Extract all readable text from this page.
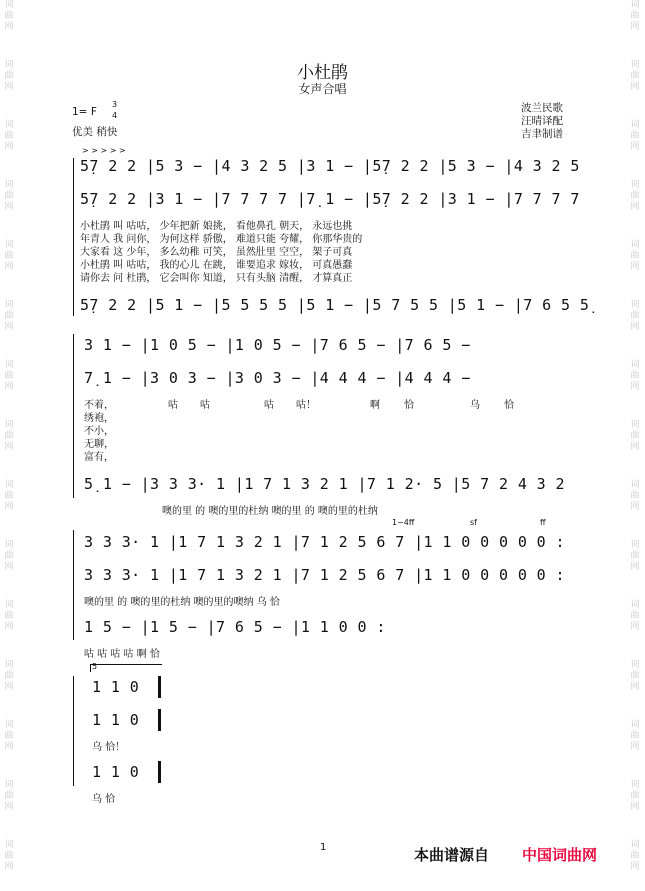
词曲网
词曲网
词曲网
词曲网
词曲网
词曲网
词曲网
词曲网
词曲网
词曲网
词曲网
词曲网
词曲网
词曲网
词曲网
词曲网
词曲网
词曲网
词曲网
词曲网
词曲网
词曲网
词曲网
词曲网
词曲网
词曲网
词曲网
词曲网
词曲网
词曲网
小杜鹃
女声合唱
1= F
3
4
优美 稍快
波兰民歌
汪晴译配
吉聿制谱
> > > > >
5̣7 2 2 |5 3 − |4 3 2 5 |3 1 − |5̣7 2 2 |5 3 − |4 3 2 5
5̣7 2 2 |3 1 − |7 7 7 7 |7̣ 1 − |5̣7 2 2 |3 1 − |7 7 7 7
小杜鹃 叫 咕咕， 少年把新 娘挑， 看他鼻孔 朝天， 永远也挑
年青人 我 问你， 为何这样 骄傲， 难道只能 夸耀， 你那华贵的
大家看 这 少年， 多么幼稚 可笑， 虽然肚里 空空， 架子可真
小杜鹃 叫 咕咕， 我的心儿 在跳， 谁要追求 嫁妆， 可真愚蠢
请你去 问 杜鹃， 它会叫你 知道， 只有头脑 清醒， 才算真正
5̣7 2 2 |5 1 − |5 5 5 5 |5 1 − |5 7 5 5 |5 1 − |7 6 5 5̣
3 1 − |1 0 5 − |1 0 5 − |7 6 5 − |7 6 5 −
7̣ 1 − |3 0 3 − |3 0 3 − |4 4 4 − |4 4 4 −
不着，	咕 咕	咕 咕！	啊 恰	乌 恰
绣袍，
不小，
无聊，
富有，
5̣ 1 − |3 3 3· 1 |1 7 1 3 2 1 |7 1 2· 5 |5 7 2 4 3 2
噢的里 的 噢的里的杜纳 噢的里 的 噢的里的杜纳
1−4ff	sf	ff
3 3 3· 1 |1 7 1 3 2 1 |7 1 2 5 6 7 |1 1 0 0 0 0 0 :
3 3 3· 1 |1 7 1 3 2 1 |7 1 2 5 6 7 |1 1 0 0 0 0 0 :
噢的里 的 噢的里的杜纳 噢的里的噢纳 乌 恰
1 5 − |1 5 − |7 6 5 − |1 1 0 0 :
咕 咕 咕 咕 啊 恰
5
1 1 0
1 1 0
乌 恰！
1 1 0
乌 恰
1	本曲谱源自 中国词曲网
